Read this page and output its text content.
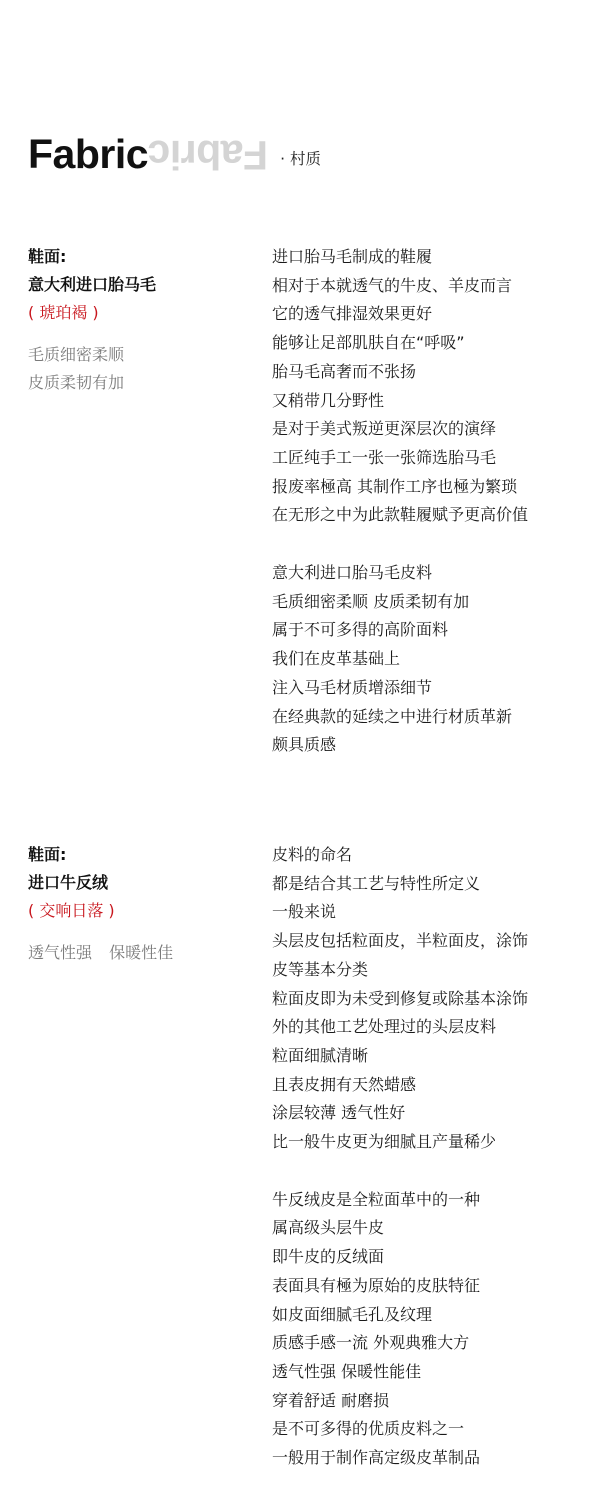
Fabric Fabric · 村质
鞋面:
意大利进口胎马毛
( 琥珀褐 )
毛质细密柔顺
皮质柔韧有加
进口胎马毛制成的鞋履
相对于本就透气的牛皮、羊皮而言
它的透气排湿效果更好
能够让足部肌肤自在“呼吸”
胎马毛高奢而不张扬
又稍带几分野性
是对于美式叛逆更深层次的演绎
工匠纯手工一张一张筛选胎马毛
报废率極高 其制作工序也極为繁琐
在无形之中为此款鞋履赋予更高价值
意大利进口胎马毛皮料
毛质细密柔顺 皮质柔韧有加
属于不可多得的高阶面料
我们在皮革基础上
注入马毛材质增添细节
在经典款的延续之中进行材质革新
颇具质感
鞋面:
进口牛反绒
( 交响日落 )
透气性强 保暖性佳
皮料的命名
都是结合其工艺与特性所定义
一般来说
头层皮包括粒面皮，半粒面皮，涂饰
皮等基本分类
粒面皮即为未受到修复或除基本涂饰
外的其他工艺处理过的头层皮料
粒面细腻清晰
且表皮拥有天然蜡感
涂层较薄 透气性好
比一般牛皮更为细腻且产量稀少
牛反绒皮是全粒面革中的一种
属高级头层牛皮
即牛皮的反绒面
表面具有極为原始的皮肤特征
如皮面细腻毛孔及纹理
质感手感一流 外观典雅大方
透气性强 保暖性能佳
穿着舒适 耐磨损
是不可多得的优质皮料之一
一般用于制作高定级皮革制品
